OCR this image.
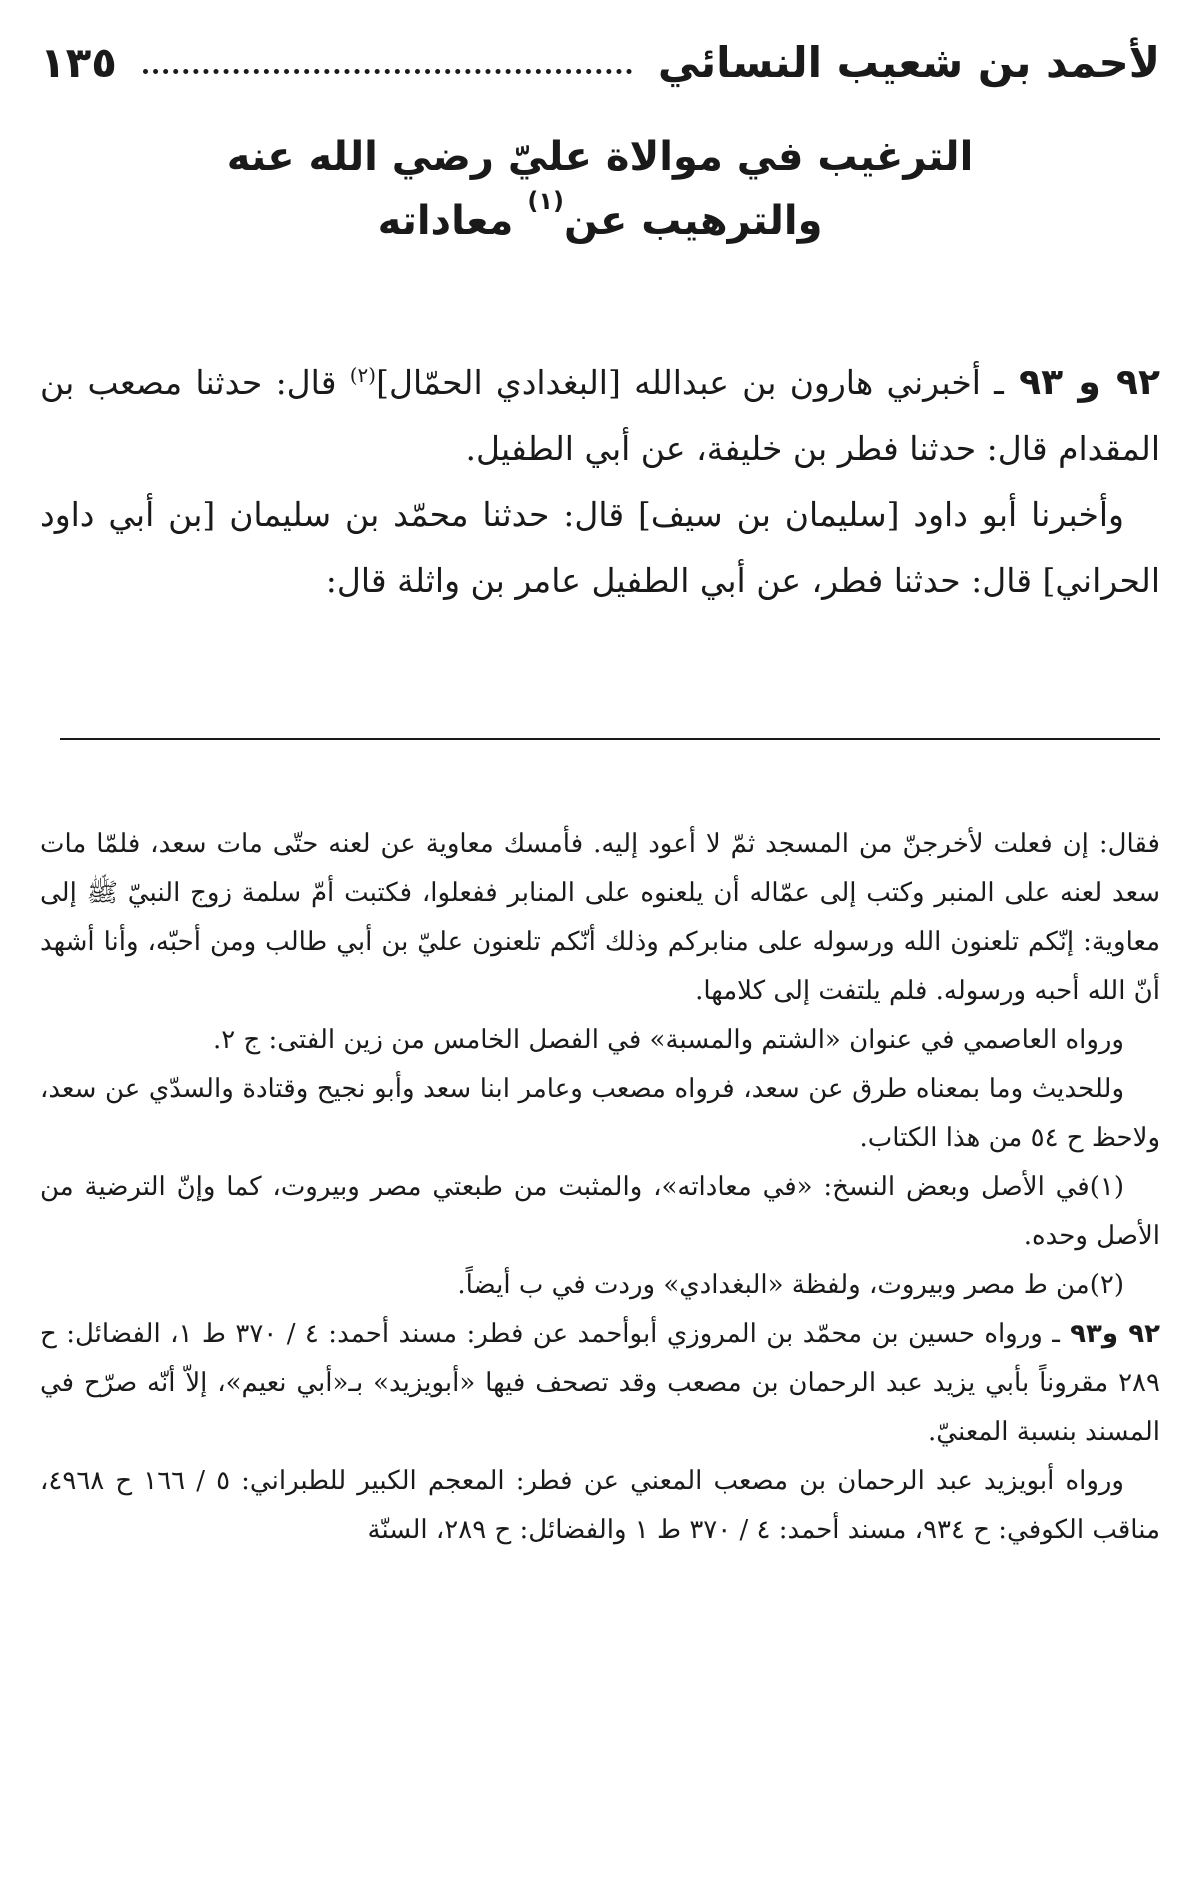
لأحمد بن شعيب النسائي
١٣٥
الترغيب في موالاة عليّ رضي الله عنه
والترهيب عن$^{(١)}$ معاداته

٩٢ و ٩٣ ـ أخبرني هارون بن عبدالله [البغدادي الحمّال]$^{(٢)}$ قال: حدثنا مصعب بن المقدام قال: حدثنا فطر بن خليفة، عن أبي الطفيل.

وأخبرنا أبو داود [سليمان بن سيف] قال: حدثنا محمّد بن سليمان [بن أبي داود الحراني] قال: حدثنا فطر، عن أبي الطفيل عامر بن واثلة قال:

فقال: إن فعلت لأخرجنّ من المسجد ثمّ لا أعود إليه. فأمسك معاوية عن لعنه حتّى مات سعد، فلمّا مات سعد لعنه على المنبر وكتب إلى عمّاله أن يلعنوه على المنابر ففعلوا، فكتبت أمّ سلمة زوج النبيّ ﷺ إلى معاوية: إنّكم تلعنون الله ورسوله على منابركم وذلك أنّكم تلعنون عليّ بن أبي طالب ومن أحبّه، وأنا أشهد أنّ الله أحبه ورسوله. فلم يلتفت إلى كلامها.

ورواه العاصمي في عنوان «الشتم والمسبة» في الفصل الخامس من زين الفتى: ج ٢.

وللحديث وما بمعناه طرق عن سعد، فرواه مصعب وعامر ابنا سعد وأبو نجيح وقتادة والسدّي عن سعد، ولاحظ ح ٥٤ من هذا الكتاب.

(١)في الأصل وبعض النسخ: «في معاداته»، والمثبت من طبعتي مصر وبيروت، كما وإنّ الترضية من الأصل وحده.

(٢)من ط مصر وبيروت، ولفظة «البغدادي» وردت في ب أيضاً.

٩٢ و٩٣ ـ ورواه حسين بن محمّد بن المروزي أبوأحمد عن فطر: مسند أحمد: ٤ / ٣٧٠ ط ١، الفضائل: ح ٢٨٩ مقروناً بأبي يزيد عبد الرحمان بن مصعب وقد تصحف فيها «أبويزيد» بـ«أبي نعيم»، إلاّ أنّه صرّح في المسند بنسبة المعنيّ.

ورواه أبويزيد عبد الرحمان بن مصعب المعني عن فطر: المعجم الكبير للطبراني: ٥ / ١٦٦ ح ٤٩٦٨، مناقب الكوفي: ح ٩٣٤، مسند أحمد: ٤ / ٣٧٠ ط ١ والفضائل: ح ٢٨٩، السنّة
